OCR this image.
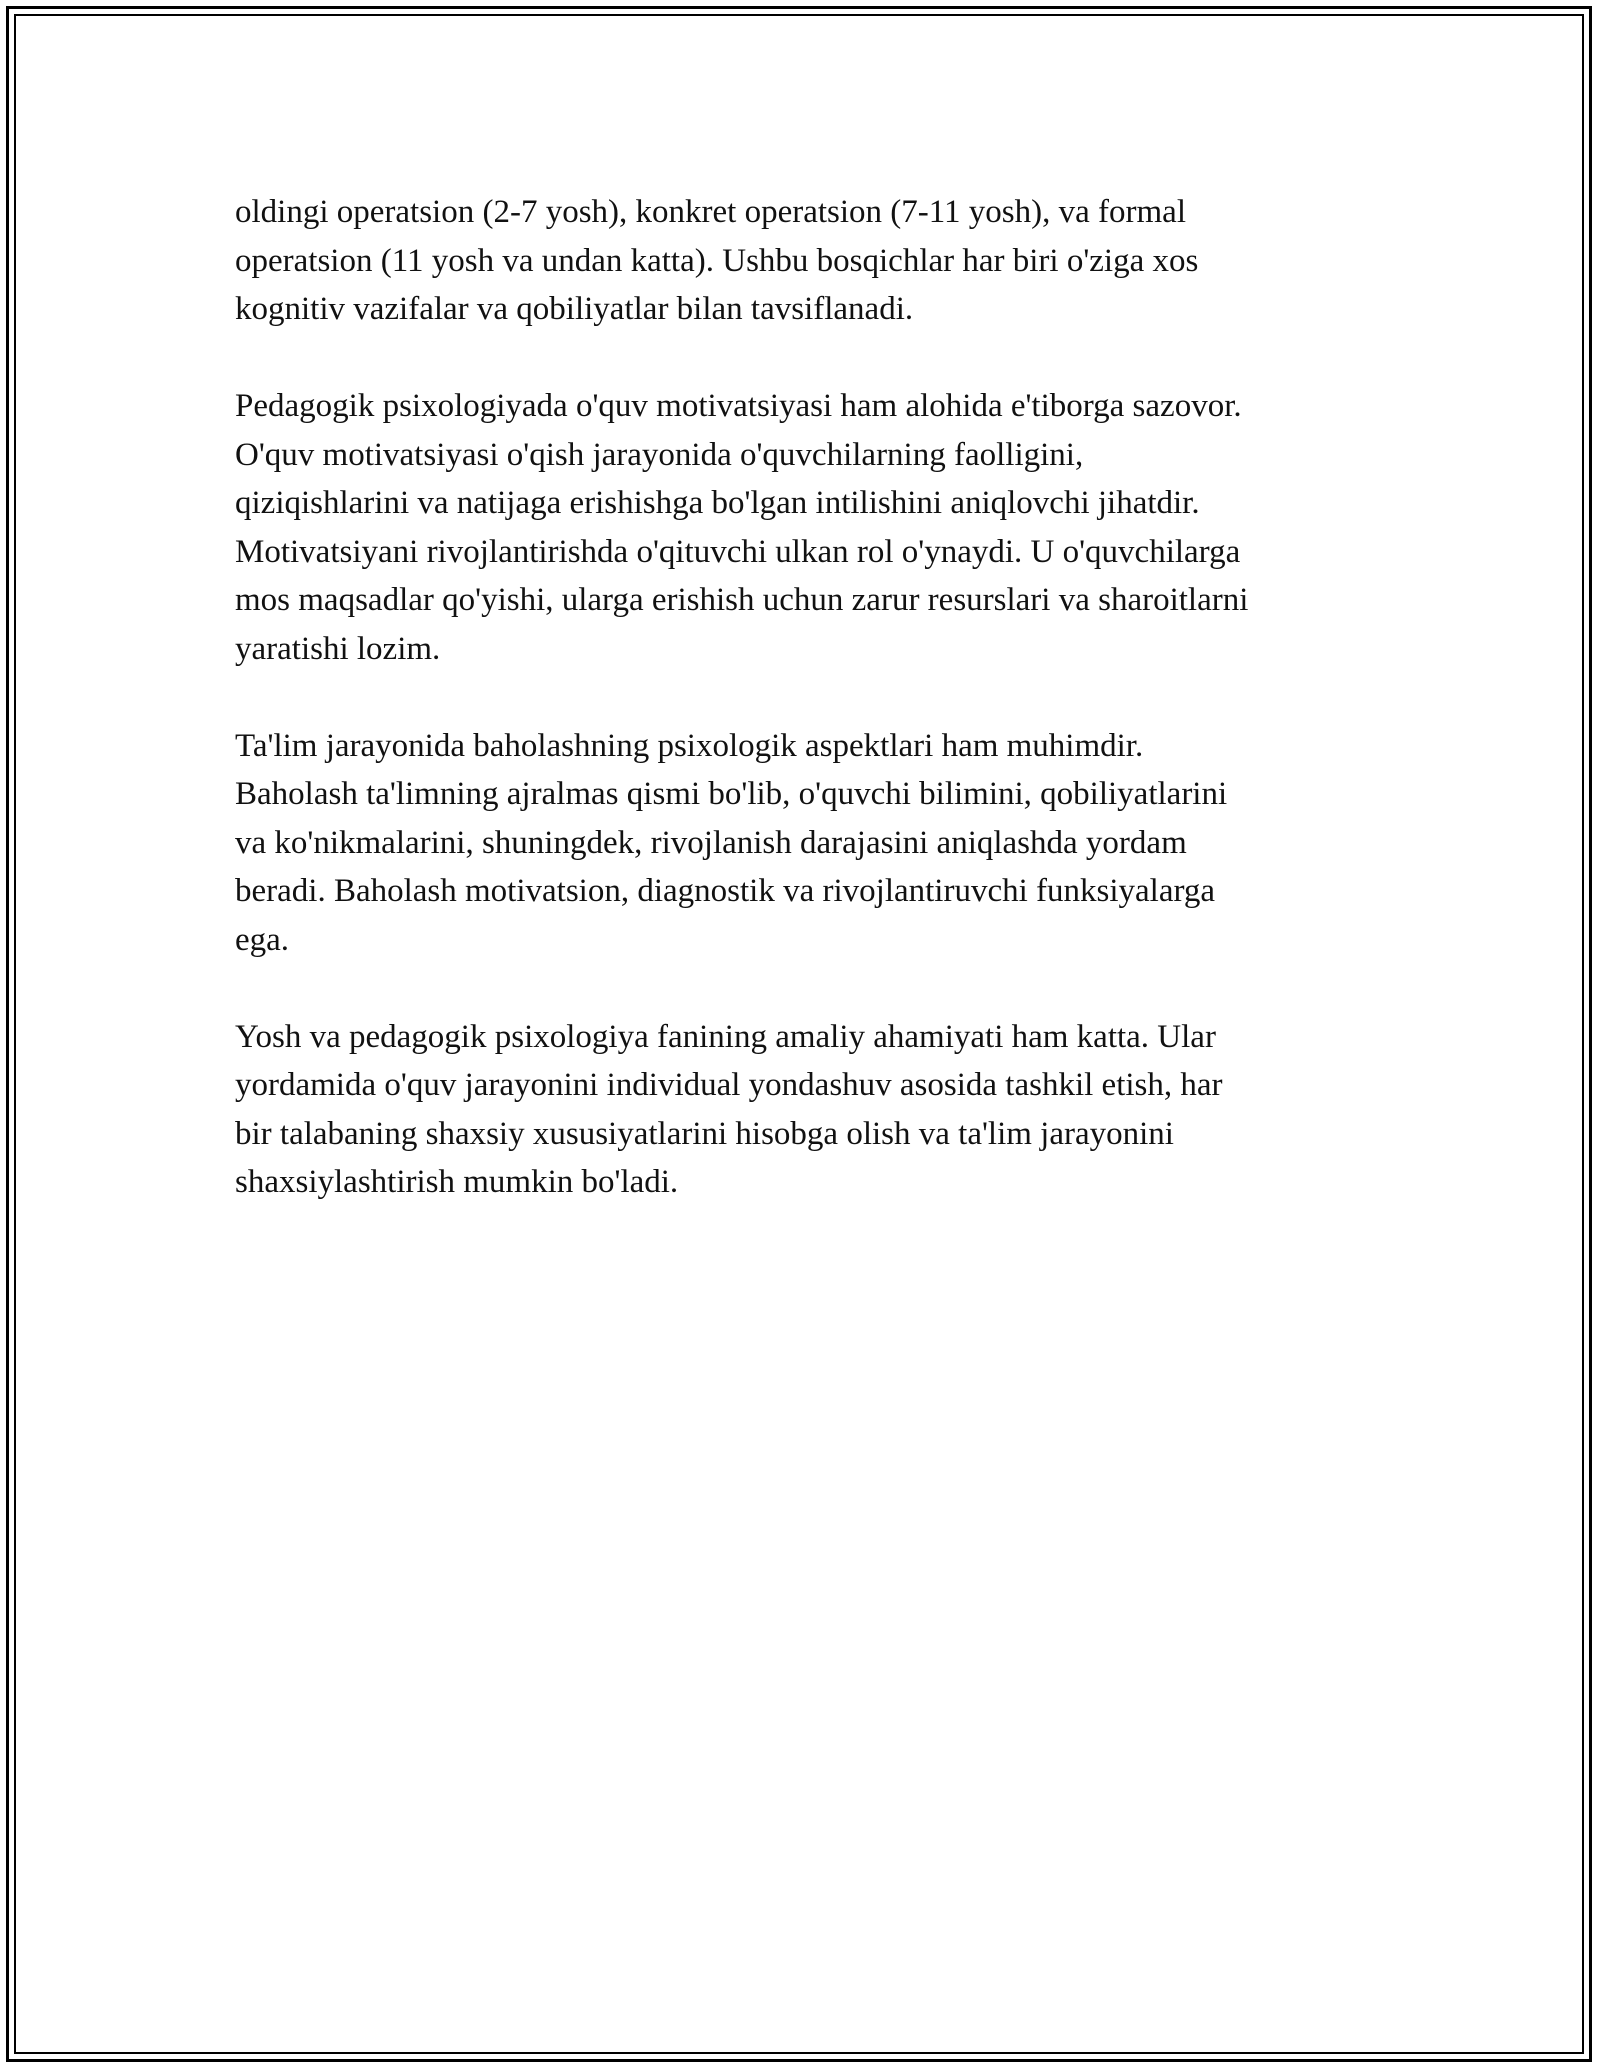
oldingi operatsion (2-7 yosh), konkret operatsion (7-11 yosh), va formal
operatsion (11 yosh va undan katta). Ushbu bosqichlar har biri o'ziga xos
kognitiv vazifalar va qobiliyatlar bilan tavsiflanadi.

Pedagogik psixologiyada o'quv motivatsiyasi ham alohida e'tiborga sazovor.
O'quv motivatsiyasi o'qish jarayonida o'quvchilarning faolligini,
qiziqishlarini va natijaga erishishga bo'lgan intilishini aniqlovchi jihatdir.
Motivatsiyani rivojlantirishda o'qituvchi ulkan rol o'ynaydi. U o'quvchilarga
mos maqsadlar qo'yishi, ularga erishish uchun zarur resurslari va sharoitlarni
yaratishi lozim.

Ta'lim jarayonida baholashning psixologik aspektlari ham muhimdir.
Baholash ta'limning ajralmas qismi bo'lib, o'quvchi bilimini, qobiliyatlarini
va ko'nikmalarini, shuningdek, rivojlanish darajasini aniqlashda yordam
beradi. Baholash motivatsion, diagnostik va rivojlantiruvchi funksiyalarga
ega.

Yosh va pedagogik psixologiya fanining amaliy ahamiyati ham katta. Ular
yordamida o'quv jarayonini individual yondashuv asosida tashkil etish, har
bir talabaning shaxsiy xususiyatlarini hisobga olish va ta'lim jarayonini
shaxsiylashtirish mumkin bo'ladi.
